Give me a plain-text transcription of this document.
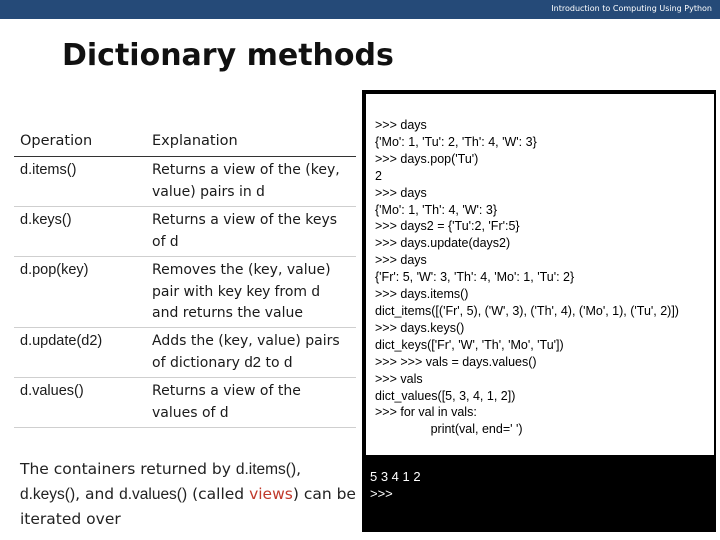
Introduction to Computing Using Python
Dictionary methods
Operation	Explanation
d.items()	Returns a view of the (key, value) pairs in d
d.keys()	Returns a view of the keys of d
d.pop(key)	Removes the (key, value) pair with key key from d and returns the value
d.update(d2)	Adds the (key, value) pairs of dictionary d2 to d
d.values()	Returns a view of the values of d
The containers returned by d.items(), d.keys(), and d.values() (called views) can be iterated over
>>> days
{'Mo': 1, 'Tu': 2, 'Th': 4, 'W': 3}
>>> days.pop('Tu')
2
>>> days
{'Mo': 1, 'Th': 4, 'W': 3}
>>> days2 = {'Tu':2, 'Fr':5}
>>> days.update(days2)
>>> days
{'Fr': 5, 'W': 3, 'Th': 4, 'Mo': 1, 'Tu': 2}
>>> days.items()
dict_items([('Fr', 5), ('W', 3), ('Th', 4), ('Mo', 1), ('Tu', 2)])
>>> days.keys()
dict_keys(['Fr', 'W', 'Th', 'Mo', 'Tu'])
>>> >>> vals = days.values()
>>> vals
dict_values([5, 3, 4, 1, 2])
>>> for val in vals:
	print(val, end=' ')
5 3 4 1 2
>>>
